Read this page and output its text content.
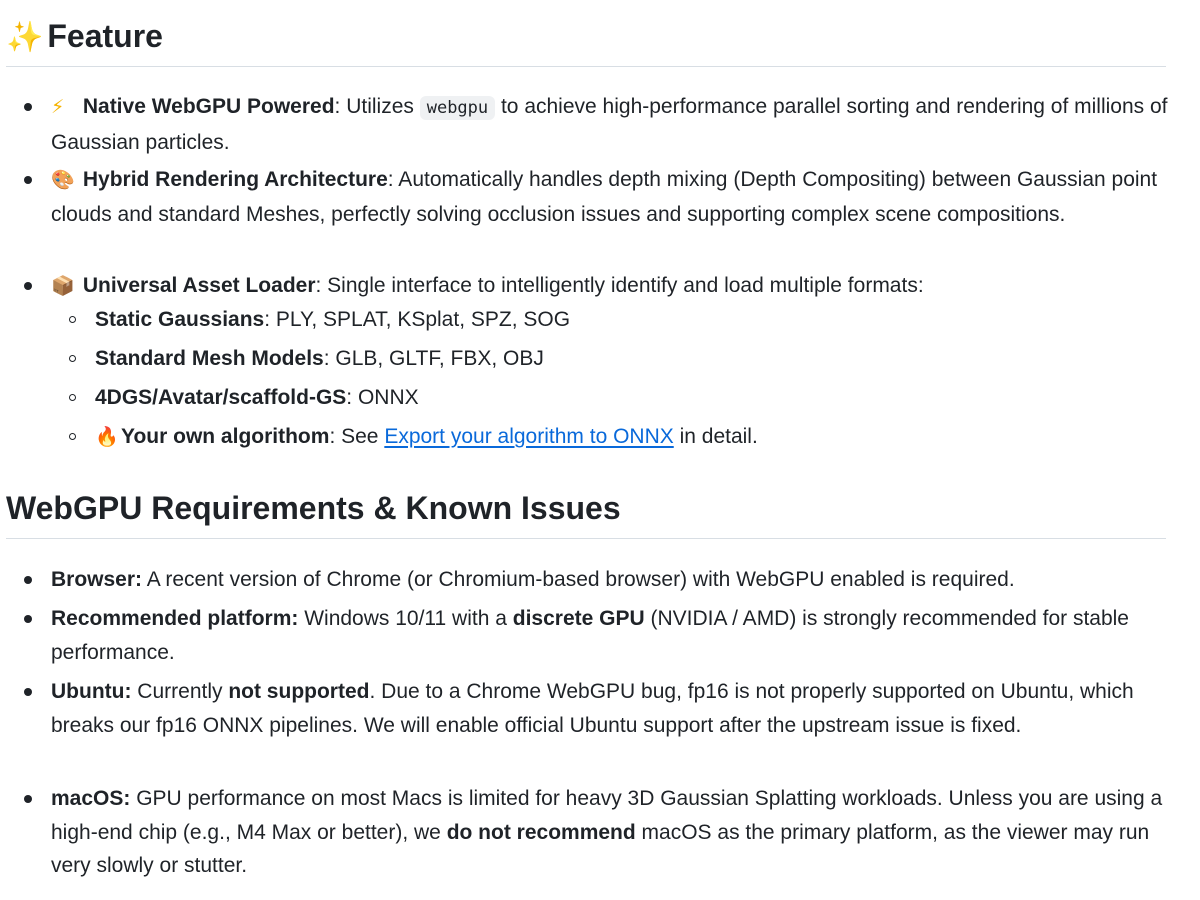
✨ Feature
⚡ Native WebGPU Powered: Utilizes webgpu to achieve high-performance parallel sorting and rendering of millions of Gaussian particles.
🎨 Hybrid Rendering Architecture: Automatically handles depth mixing (Depth Compositing) between Gaussian point clouds and standard Meshes, perfectly solving occlusion issues and supporting complex scene compositions.
📦 Universal Asset Loader: Single interface to intelligently identify and load multiple formats:
Static Gaussians: PLY, SPLAT, KSplat, SPZ, SOG
Standard Mesh Models: GLB, GLTF, FBX, OBJ
4DGS/Avatar/scaffold-GS: ONNX
🔥 Your own algorithom: See Export your algorithm to ONNX in detail.
WebGPU Requirements & Known Issues
Browser: A recent version of Chrome (or Chromium-based browser) with WebGPU enabled is required.
Recommended platform: Windows 10/11 with a discrete GPU (NVIDIA / AMD) is strongly recommended for stable performance.
Ubuntu: Currently not supported. Due to a Chrome WebGPU bug, fp16 is not properly supported on Ubuntu, which breaks our fp16 ONNX pipelines. We will enable official Ubuntu support after the upstream issue is fixed.
macOS: GPU performance on most Macs is limited for heavy 3D Gaussian Splatting workloads. Unless you are using a high-end chip (e.g., M4 Max or better), we do not recommend macOS as the primary platform, as the viewer may run very slowly or stutter.
